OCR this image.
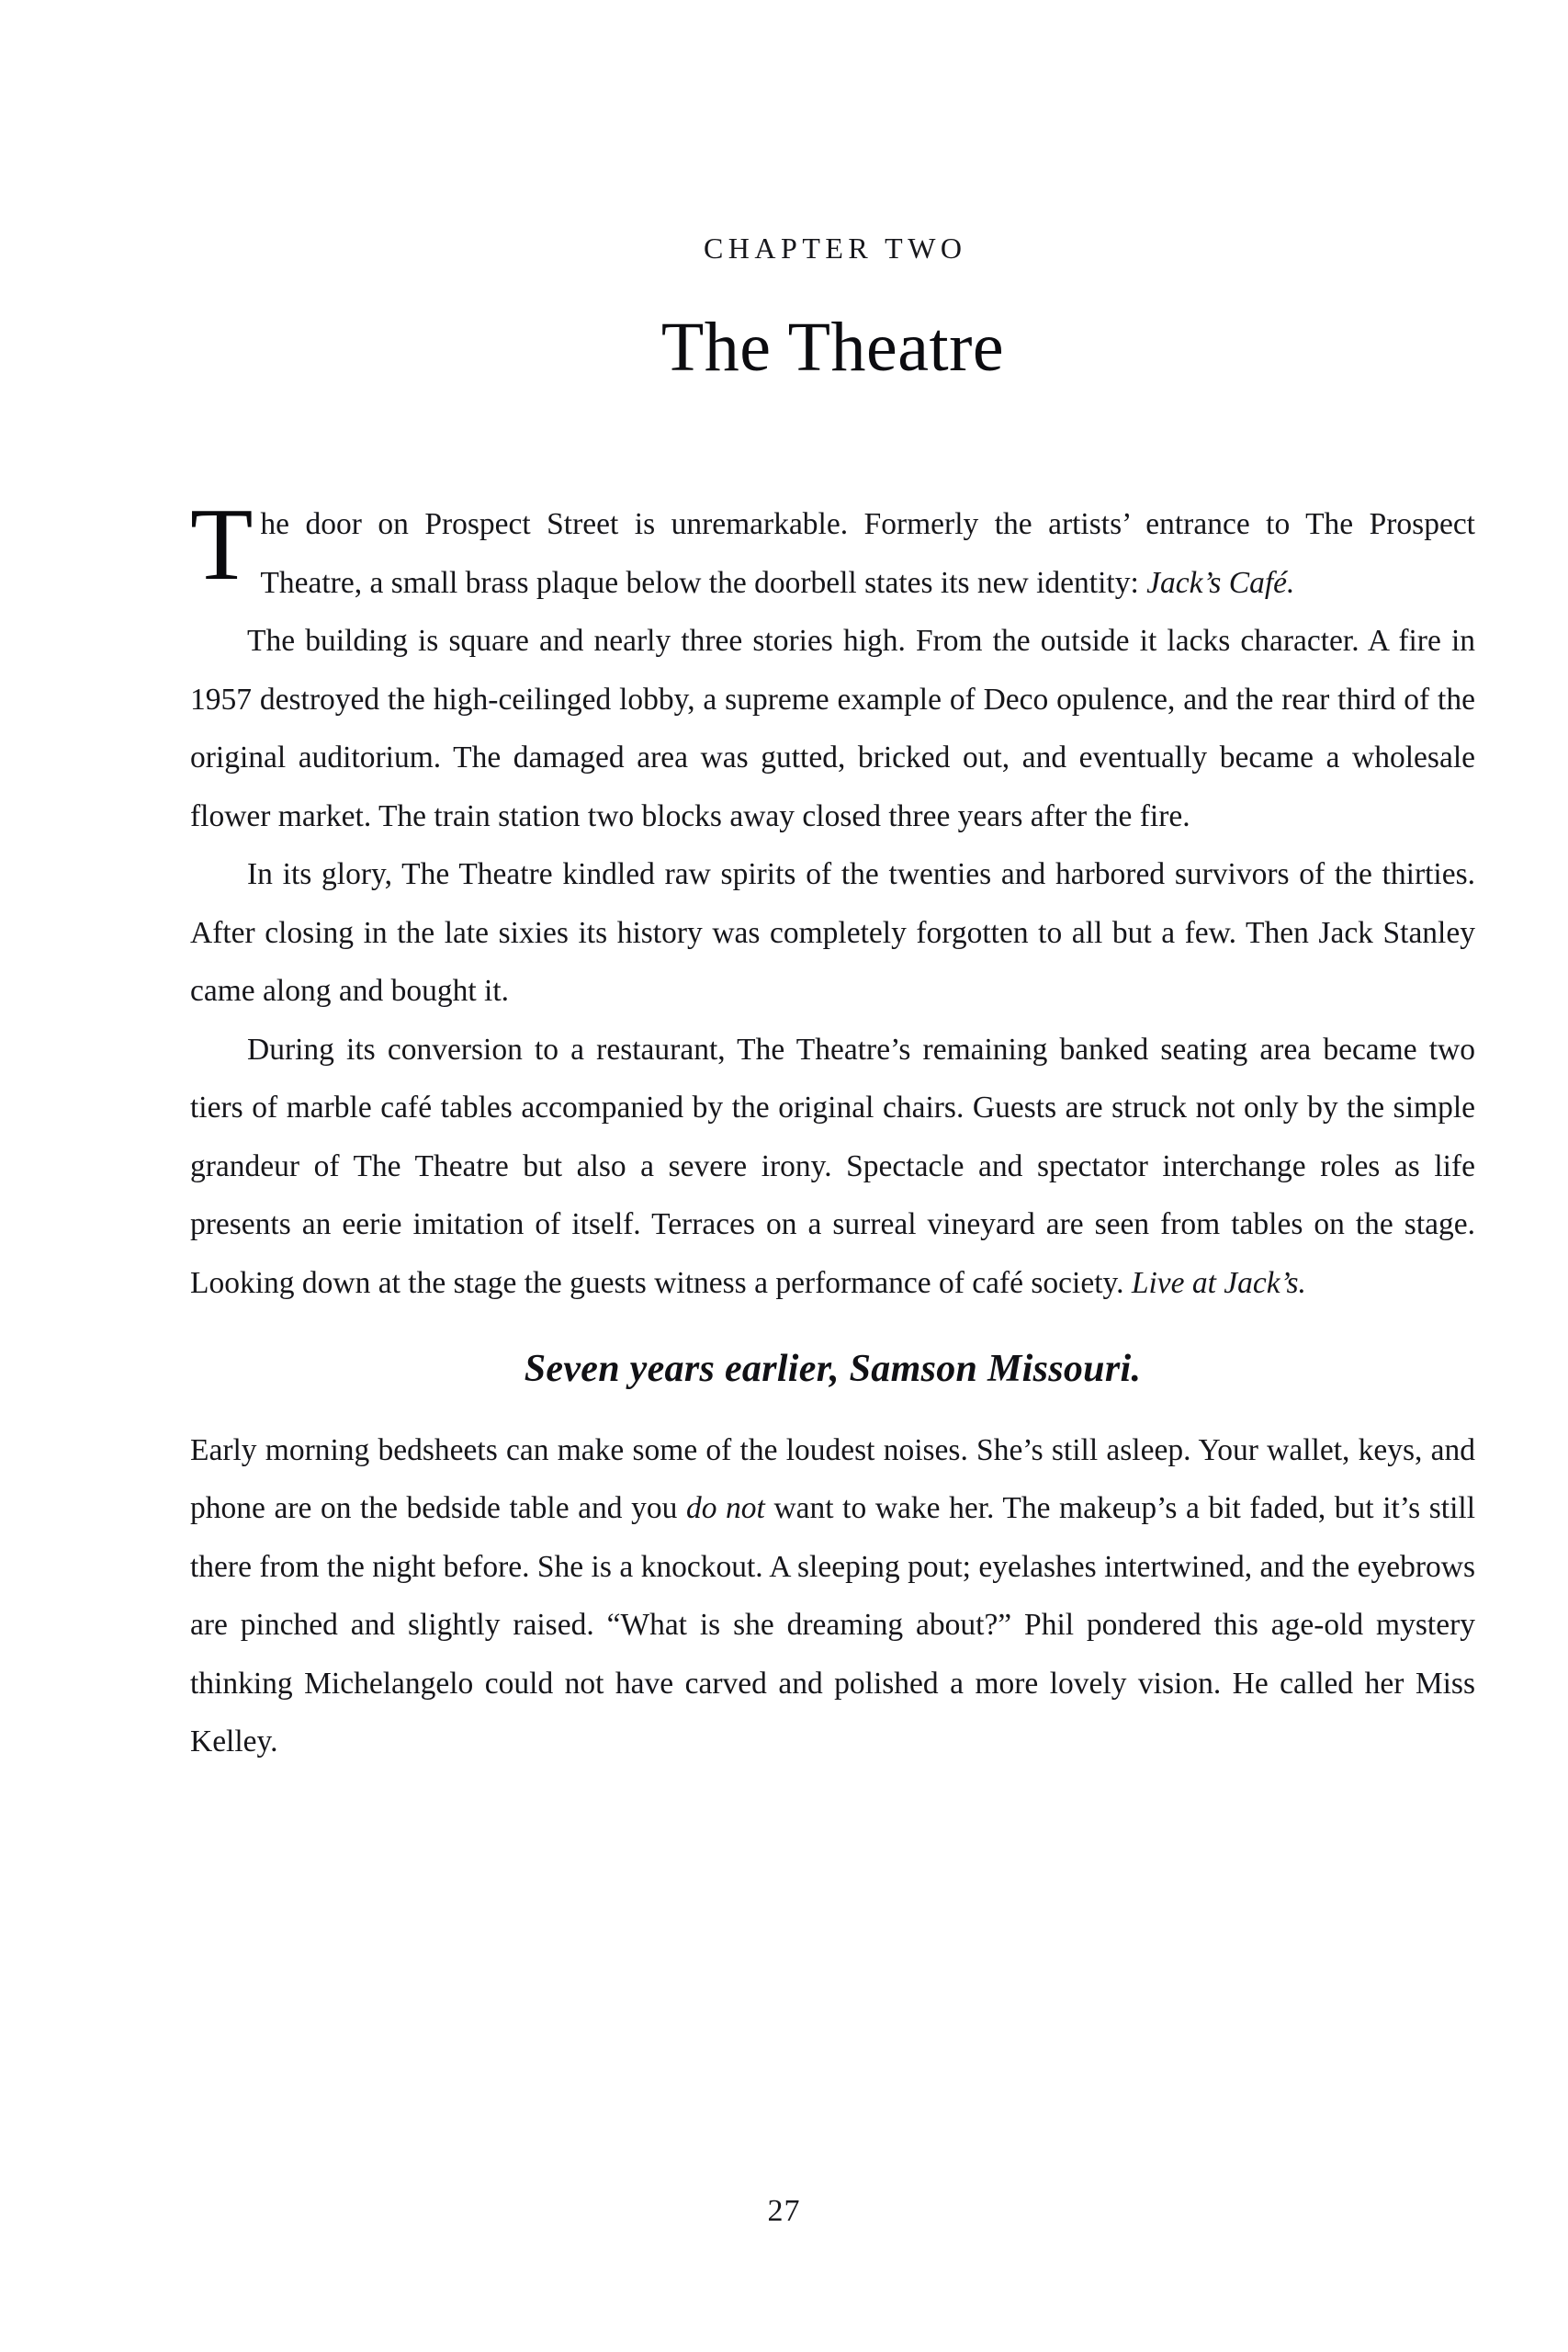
CHAPTER TWO
The Theatre

The door on Prospect Street is unremarkable. Formerly the artists’ entrance to The Prospect Theatre, a small brass plaque below the doorbell states its new identity: Jack’s Café.

The building is square and nearly three stories high. From the outside it lacks character. A fire in 1957 destroyed the high-ceilinged lobby, a supreme example of Deco opulence, and the rear third of the original auditorium. The damaged area was gutted, bricked out, and eventually became a wholesale flower market. The train station two blocks away closed three years after the fire.

In its glory, The Theatre kindled raw spirits of the twenties and harbored survivors of the thirties. After closing in the late sixies its history was completely forgotten to all but a few. Then Jack Stanley came along and bought it.

During its conversion to a restaurant, The Theatre’s remaining banked seating area became two tiers of marble café tables accompanied by the original chairs. Guests are struck not only by the simple grandeur of The Theatre but also a severe irony. Spectacle and spectator interchange roles as life presents an eerie imitation of itself. Terraces on a surreal vineyard are seen from tables on the stage. Looking down at the stage the guests witness a performance of café society. Live at Jack’s.

Seven years earlier, Samson Missouri.

Early morning bedsheets can make some of the loudest noises. She’s still asleep. Your wallet, keys, and phone are on the bedside table and you do not want to wake her. The makeup’s a bit faded, but it’s still there from the night before. She is a knockout. A sleeping pout; eyelashes intertwined, and the eyebrows are pinched and slightly raised. “What is she dreaming about?” Phil pondered this age-old mystery thinking Michelangelo could not have carved and polished a more lovely vision. He called her Miss Kelley.

27
